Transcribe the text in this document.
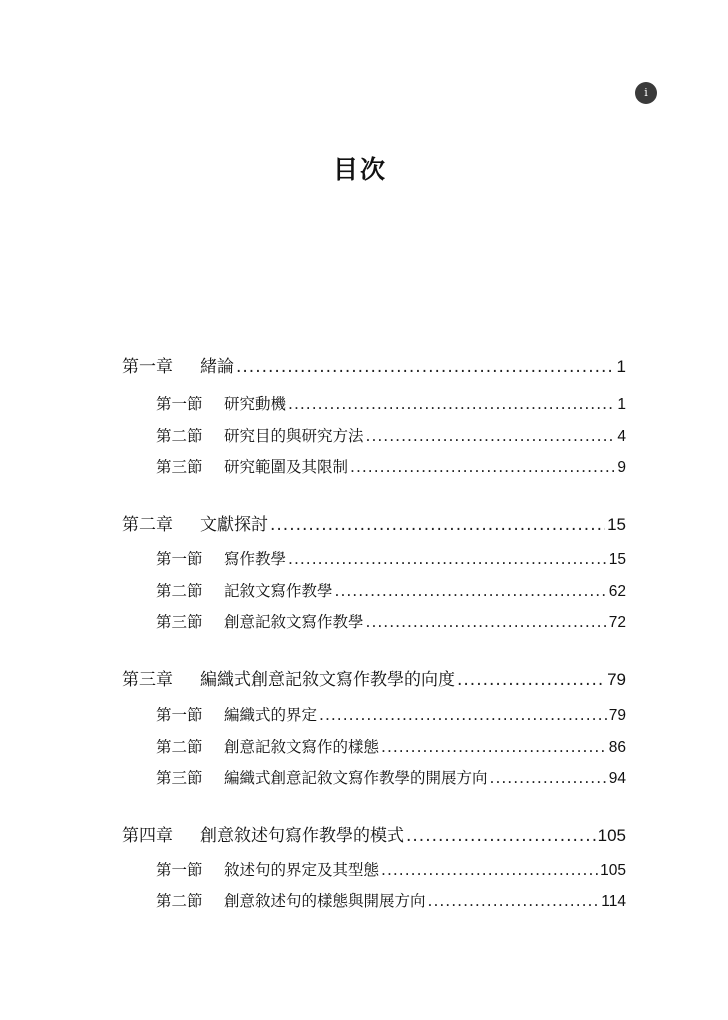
i
目次
第一章	緒論 .....	1
第一節	研究動機 .....	1
第二節	研究目的與研究方法 .....	4
第三節	研究範圍及其限制 .....	9
第二章	文獻探討 .....	15
第一節	寫作教學 .....	15
第二節	記敘文寫作教學 .....	62
第三節	創意記敘文寫作教學 .....	72
第三章	編織式創意記敘文寫作教學的向度 .....	79
第一節	編織式的界定 .....	79
第二節	創意記敘文寫作的樣態 .....	86
第三節	編織式創意記敘文寫作教學的開展方向 .....	94
第四章	創意敘述句寫作教學的模式 .....	105
第一節	敘述句的界定及其型態 .....	105
第二節	創意敘述句的樣態與開展方向 .....	114
